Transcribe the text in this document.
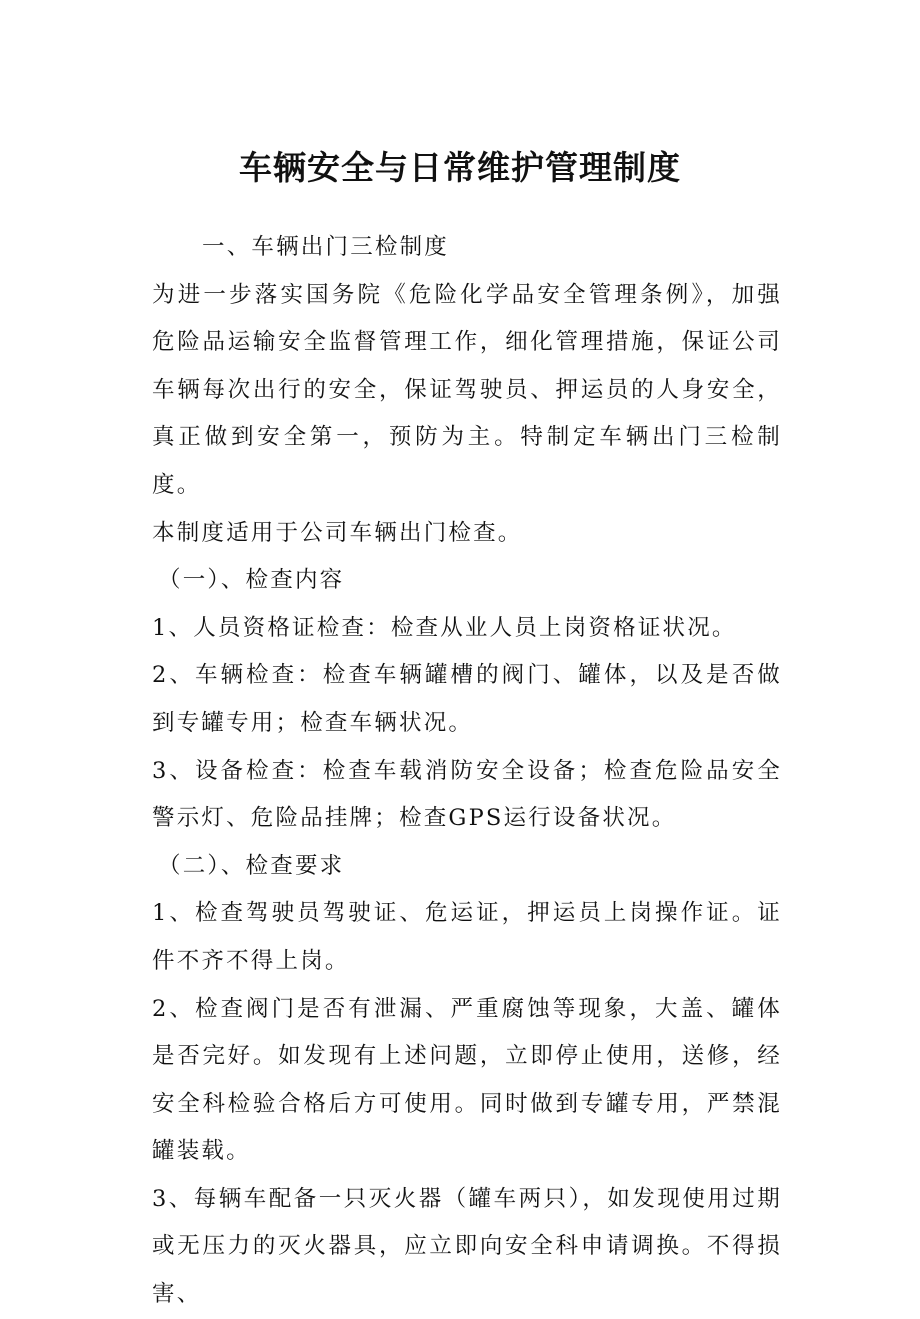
车辆安全与日常维护管理制度

一、车辆出门三检制度

为进一步落实国务院《危险化学品安全管理条例》，加强危险品运输安全监督管理工作，细化管理措施，保证公司车辆每次出行的安全，保证驾驶员、押运员的人身安全，真正做到安全第一，预防为主。特制定车辆出门三检制度。

本制度适用于公司车辆出门检查。

（一）、检查内容

1、人员资格证检查：检查从业人员上岗资格证状况。

2、车辆检查：检查车辆罐槽的阀门、罐体，以及是否做到专罐专用；检查车辆状况。

3、设备检查：检查车载消防安全设备；检查危险品安全警示灯、危险品挂牌；检查GPS运行设备状况。

（二）、检查要求

1、检查驾驶员驾驶证、危运证，押运员上岗操作证。证件不齐不得上岗。

2、检查阀门是否有泄漏、严重腐蚀等现象，大盖、罐体是否完好。如发现有上述问题，立即停止使用，送修，经安全科检验合格后方可使用。同时做到专罐专用，严禁混罐装载。

3、每辆车配备一只灭火器（罐车两只），如发现使用过期或无压力的灭火器具，应立即向安全科申请调换。不得损害、
